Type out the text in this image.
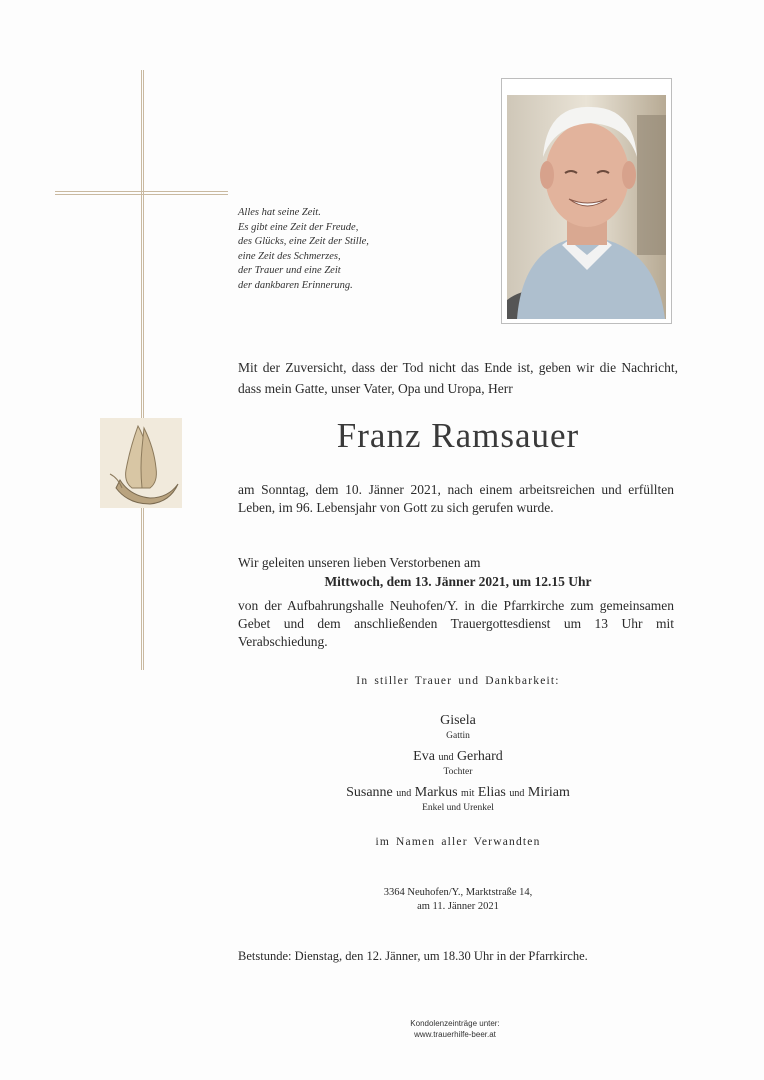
Alles hat seine Zeit.
Es gibt eine Zeit der Freude,
des Glücks, eine Zeit der Stille,
eine Zeit des Schmerzes,
der Trauer und eine Zeit
der dankbaren Erinnerung.
Mit der Zuversicht, dass der Tod nicht das Ende ist, geben wir die Nachricht, dass mein Gatte, unser Vater, Opa und Uropa, Herr
Franz Ramsauer
am Sonntag, dem 10. Jänner 2021, nach einem arbeitsreichen und erfüllten Leben, im 96. Lebensjahr von Gott zu sich gerufen wurde.
Wir geleiten unseren lieben Verstorbenen am
Mittwoch, dem 13. Jänner 2021, um 12.15 Uhr
von der Aufbahrungshalle Neuhofen/Y. in die Pfarrkirche zum gemeinsamen Gebet und dem anschließenden Trauergottesdienst um 13 Uhr mit Verabschiedung.
In stiller Trauer und Dankbarkeit:
Gisela
Gattin
Eva und Gerhard
Tochter
Susanne und Markus mit Elias und Miriam
Enkel und Urenkel
im Namen aller Verwandten
3364 Neuhofen/Y., Marktstraße 14,
am 11. Jänner 2021
Betstunde: Dienstag, den 12. Jänner, um 18.30 Uhr in der Pfarrkirche.
Kondolenzeinträge unter:
www.trauerhilfe-beer.at
